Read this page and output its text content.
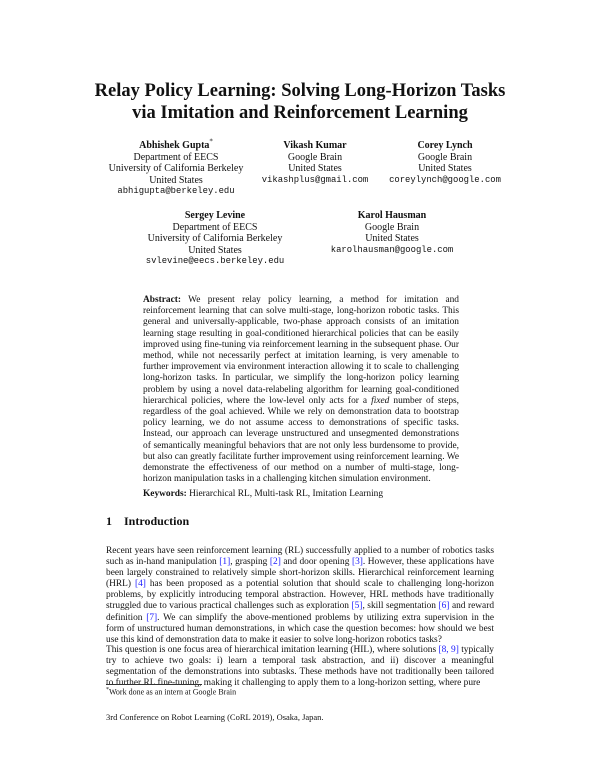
Relay Policy Learning: Solving Long-Horizon Tasks
via Imitation and Reinforcement Learning
Abhishek Gupta*
Department of EECS
University of California Berkeley
United States
abhigupta@berkeley.edu
Vikash Kumar
Google Brain
United States
vikashplus@gmail.com
Corey Lynch
Google Brain
United States
coreylynch@google.com
Sergey Levine
Department of EECS
University of California Berkeley
United States
svlevine@eecs.berkeley.edu
Karol Hausman
Google Brain
United States
karolhausman@google.com

Abstract: We present relay policy learning, a method for imitation and reinforcement learning that can solve multi-stage, long-horizon robotic tasks. This general and universally-applicable, two-phase approach consists of an imitation learning stage resulting in goal-conditioned hierarchical policies that can be easily improved using fine-tuning via reinforcement learning in the subsequent phase. Our method, while not necessarily perfect at imitation learning, is very amenable to further improvement via environment interaction allowing it to scale to challenging long-horizon tasks. In particular, we simplify the long-horizon policy learning problem by using a novel data-relabeling algorithm for learning goal-conditioned hierarchical policies, where the low-level only acts for a fixed number of steps, regardless of the goal achieved. While we rely on demonstration data to bootstrap policy learning, we do not assume access to demonstrations of specific tasks. Instead, our approach can leverage unstructured and unsegmented demonstrations of semantically meaningful behaviors that are not only less burdensome to provide, but also can greatly facilitate further improvement using reinforcement learning. We demonstrate the effectiveness of our method on a number of multi-stage, long-horizon manipulation tasks in a challenging kitchen simulation environment.

Keywords: Hierarchical RL, Multi-task RL, Imitation Learning

1 Introduction

Recent years have seen reinforcement learning (RL) successfully applied to a number of robotics tasks such as in-hand manipulation [1], grasping [2] and door opening [3]. However, these applications have been largely constrained to relatively simple short-horizon skills. Hierarchical reinforcement learning (HRL) [4] has been proposed as a potential solution that should scale to challenging long-horizon problems, by explicitly introducing temporal abstraction. However, HRL methods have traditionally struggled due to various practical challenges such as exploration [5], skill segmentation [6] and reward definition [7]. We can simplify the above-mentioned problems by utilizing extra supervision in the form of unstructured human demonstrations, in which case the question becomes: how should we best use this kind of demonstration data to make it easier to solve long-horizon robotics tasks?

This question is one focus area of hierarchical imitation learning (HIL), where solutions [8, 9] typically try to achieve two goals: i) learn a temporal task abstraction, and ii) discover a meaningful segmentation of the demonstrations into subtasks. These methods have not traditionally been tailored to further RL fine-tuning, making it challenging to apply them to a long-horizon setting, where pure

*Work done as an intern at Google Brain

3rd Conference on Robot Learning (CoRL 2019), Osaka, Japan.
